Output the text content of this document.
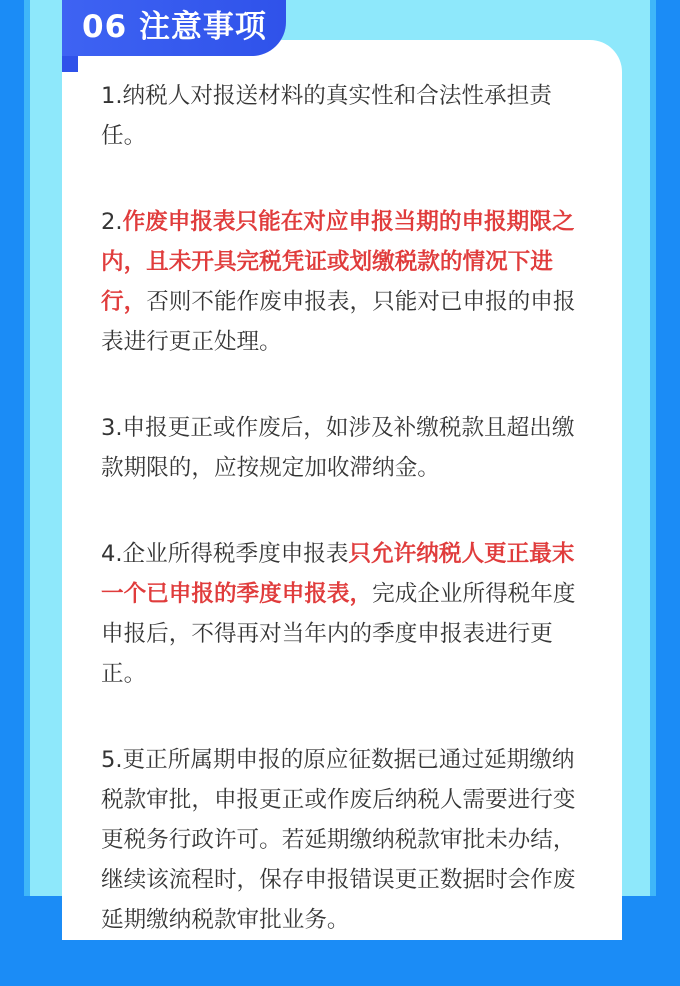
06 注意事项

1.纳税人对报送材料的真实性和合法性承担责任。

2.作废申报表只能在对应申报当期的申报期限之内，且未开具完税凭证或划缴税款的情况下进行，否则不能作废申报表，只能对已申报的申报表进行更正处理。

3.申报更正或作废后，如涉及补缴税款且超出缴款期限的，应按规定加收滞纳金。

4.企业所得税季度申报表只允许纳税人更正最末一个已申报的季度申报表，完成企业所得税年度申报后，不得再对当年内的季度申报表进行更正。

5.更正所属期申报的原应征数据已通过延期缴纳税款审批，申报更正或作废后纳税人需要进行变更税务行政许可。若延期缴纳税款审批未办结，继续该流程时，保存申报错误更正数据时会作废延期缴纳税款审批业务。
